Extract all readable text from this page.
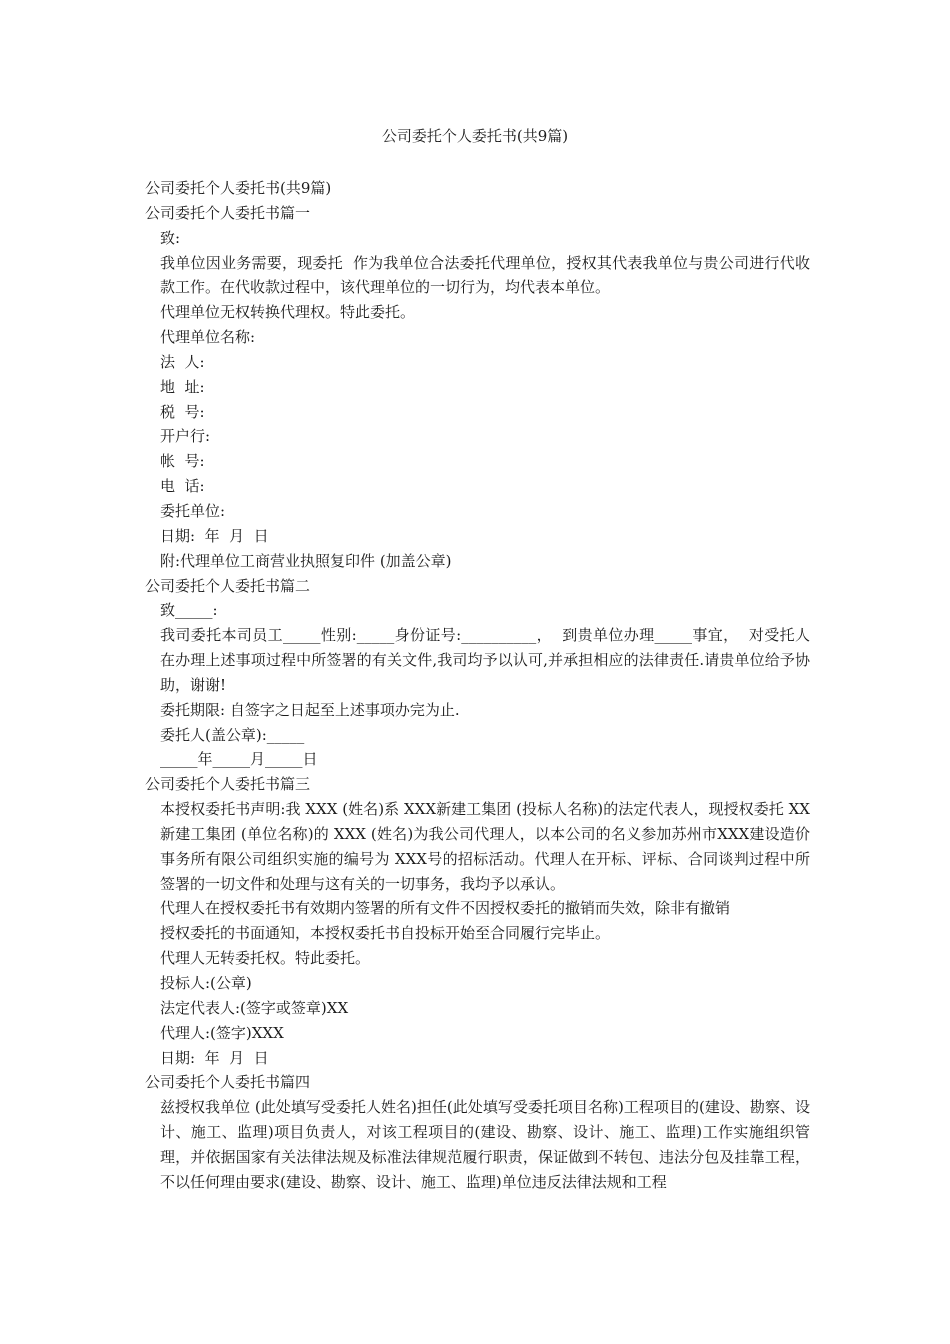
公司委托个人委托书(共9篇)

公司委托个人委托书(共9篇)

公司委托个人委托书篇一

致:

我单位因业务需要，现委托  作为我单位合法委托代理单位，授权其代表我单位与贵公司进行代收款工作。在代收款过程中，该代理单位的一切行为，均代表本单位。

代理单位无权转换代理权。特此委托。

代理单位名称:

法  人:

地  址:

税  号:

开户行:

帐  号:

电  话:

委托单位:

日期:  年  月  日

附:代理单位工商营业执照复印件 (加盖公章)

公司委托个人委托书篇二

致_____:

我司委托本司员工_____性别:_____身份证号:__________，  到贵单位办理_____事宜，  对受托人在办理上述事项过程中所签署的有关文件,我司均予以认可,并承担相应的法律责任.请贵单位给予协助，谢谢!

委托期限: 自签字之日起至上述事项办完为止.

委托人(盖公章):_____

_____年_____月_____日

公司委托个人委托书篇三

本授权委托书声明:我 XXX (姓名)系 XXX新建工集团 (投标人名称)的法定代表人，现授权委托 XX新建工集团 (单位名称)的 XXX (姓名)为我公司代理人，以本公司的名义参加苏州市XXX建设造价事务所有限公司组织实施的编号为 XXX号的招标活动。代理人在开标、评标、合同谈判过程中所签署的一切文件和处理与这有关的一切事务，我均予以承认。

代理人在授权委托书有效期内签署的所有文件不因授权委托的撤销而失效，除非有撤销

授权委托的书面通知，本授权委托书自投标开始至合同履行完毕止。

代理人无转委托权。特此委托。

投标人:(公章)

法定代表人:(签字或签章)XX

代理人:(签字)XXX

日期:  年  月  日

公司委托个人委托书篇四

兹授权我单位 (此处填写受委托人姓名)担任(此处填写受委托项目名称)工程项目的(建设、勘察、设计、施工、监理)项目负责人，对该工程项目的(建设、勘察、设计、施工、监理)工作实施组织管理，并依据国家有关法律法规及标准法律规范履行职责，保证做到不转包、违法分包及挂靠工程，不以任何理由要求(建设、勘察、设计、施工、监理)单位违反法律法规和工程
